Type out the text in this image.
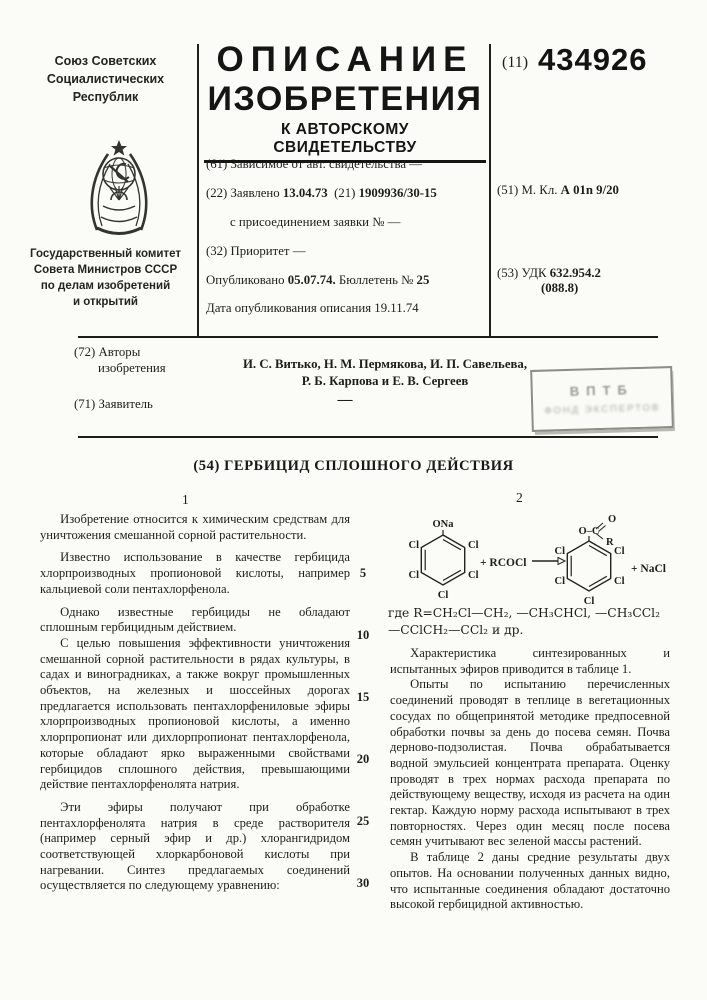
Союз Советских
Социалистических
Республик
Государственный комитет
Совета Министров СССР
по делам изобретений
и открытий
ОПИСАНИЕ
ИЗОБРЕТЕНИЯ
К АВТОРСКОМУ СВИДЕТЕЛЬСТВУ
(11) 434926
(61) Зависимое от авт. свидетельства —
(22) Заявлено 13.04.73 (21) 1909936/30-15
с присоединением заявки № —
(32) Приоритет —
Опубликовано 05.07.74. Бюллетень № 25
Дата опубликования описания 19.11.74
(51) М. Кл. А 01n 9/20
(53) УДК 632.954.2
(088.8)
(72) Авторы
изобретения	И. С. Витько, Н. М. Пермякова, И. П. Савельева,
Р. Б. Карпова и Е. В. Сергеев
(71) Заявитель	—
ВПТБ
ФОНД ЭКСПЕРТОВ
(54) ГЕРБИЦИД СПЛОШНОГО ДЕЙСТВИЯ
1	2
5
10
15
20
25
30

Изобретение относится к химическим средствам для уничтожения смешанной сорной растительности.

Известно использование в качестве гербицида хлорпроизводных пропионовой кислоты, например кальциевой соли пентахлорфенола.

Однако известные гербициды не обладают сплошным гербицидным действием.

С целью повышения эффективности уничтожения смешанной сорной растительности в рядах культуры, в садах и виноградниках, а также вокруг промышленных объектов, на железных и шоссейных дорогах предлагается использовать пентахлорфениловые эфиры хлорпроизводных пропионовой кислоты, а именно хлорпропионат или дихлорпропионат пентахлорфенола, которые обладают ярко выраженными свойствами гербицидов сплошного действия, превышающими действие пентахлорфенолята натрия.

Эти эфиры получают при обработке пентахлорфенолята натрия в среде растворителя (например серный эфир и др.) хлорангидридом соответствующей хлоркарбоновой кислоты при нагревании. Синтез предлагаемых соединений осуществляется по следующему уравнению:

ONa
Cl	Cl
Cl	Cl
Cl
+ RCOCl
O–C
O
R
Cl	Cl
Cl	Cl
Cl
+ NaCl
где R=CH₂Cl—CH₂, —CH₃CHCl, —CH₃CCl₂
—CClCH₂—CCl₂ и др.

Характеристика синтезированных и испытанных эфиров приводится в таблице 1.

Опыты по испытанию перечисленных соединений проводят в теплице в вегетационных сосудах по общепринятой методике предпосевной обработки почвы за день до посева семян. Почва дерново-подзолистая. Почва обрабатывается водной эмульсией концентрата препарата. Оценку проводят в трех нормах расхода препарата по действующему веществу, исходя из расчета на один гектар. Каждую норму расхода испытывают в трех повторностях. Через один месяц после посева семян учитывают вес зеленой массы растений.

В таблице 2 даны средние результаты двух опытов. На основании полученных данных видно, что испытанные соединения обладают достаточно высокой гербицидной активностью.
